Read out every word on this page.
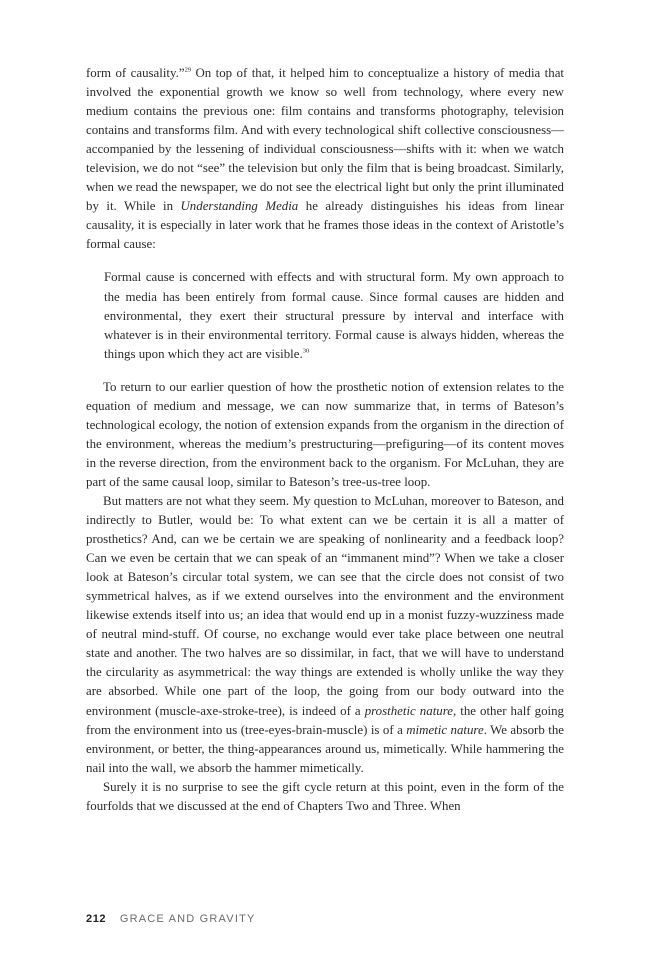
form of causality.”$^{29}$ On top of that, it helped him to conceptualize a history of media that involved the exponential growth we know so well from technology, where every new medium contains the previous one: film contains and transforms photography, television contains and transforms film. And with every technological shift collective consciousness—accompanied by the lessening of individual consciousness—shifts with it: when we watch television, we do not “see” the television but only the film that is being broadcast. Similarly, when we read the newspaper, we do not see the electrical light but only the print illuminated by it. While in Understanding Media he already distinguishes his ideas from linear causality, it is especially in later work that he frames those ideas in the context of Aristotle’s formal cause:

Formal cause is concerned with effects and with structural form. My own approach to the media has been entirely from formal cause. Since formal causes are hidden and environmental, they exert their structural pressure by interval and interface with whatever is in their environmental territory. Formal cause is always hidden, whereas the things upon which they act are visible.$^{30}$

To return to our earlier question of how the prosthetic notion of extension relates to the equation of medium and message, we can now summarize that, in terms of Bateson’s technological ecology, the notion of extension expands from the organism in the direction of the environment, whereas the medium’s prestructuring—prefiguring—of its content moves in the reverse direction, from the environment back to the organism. For McLuhan, they are part of the same causal loop, similar to Bateson’s tree-us-tree loop.

But matters are not what they seem. My question to McLuhan, moreover to Bateson, and indirectly to Butler, would be: To what extent can we be certain it is all a matter of prosthetics? And, can we be certain we are speaking of nonlinearity and a feedback loop? Can we even be certain that we can speak of an “immanent mind”? When we take a closer look at Bateson’s circular total system, we can see that the circle does not consist of two symmetrical halves, as if we extend ourselves into the environment and the environment likewise extends itself into us; an idea that would end up in a monist fuzzy-wuzziness made of neutral mind-stuff. Of course, no exchange would ever take place between one neutral state and another. The two halves are so dissimilar, in fact, that we will have to understand the circularity as asymmetrical: the way things are extended is wholly unlike the way they are absorbed. While one part of the loop, the going from our body outward into the environment (muscle-axe-stroke-tree), is indeed of a prosthetic nature, the other half going from the environment into us (tree-eyes-brain-muscle) is of a mimetic nature. We absorb the environment, or better, the thing-appearances around us, mimetically. While hammering the nail into the wall, we absorb the hammer mimetically.

Surely it is no surprise to see the gift cycle return at this point, even in the form of the fourfolds that we discussed at the end of Chapters Two and Three. When

212 GRACE AND GRAVITY
